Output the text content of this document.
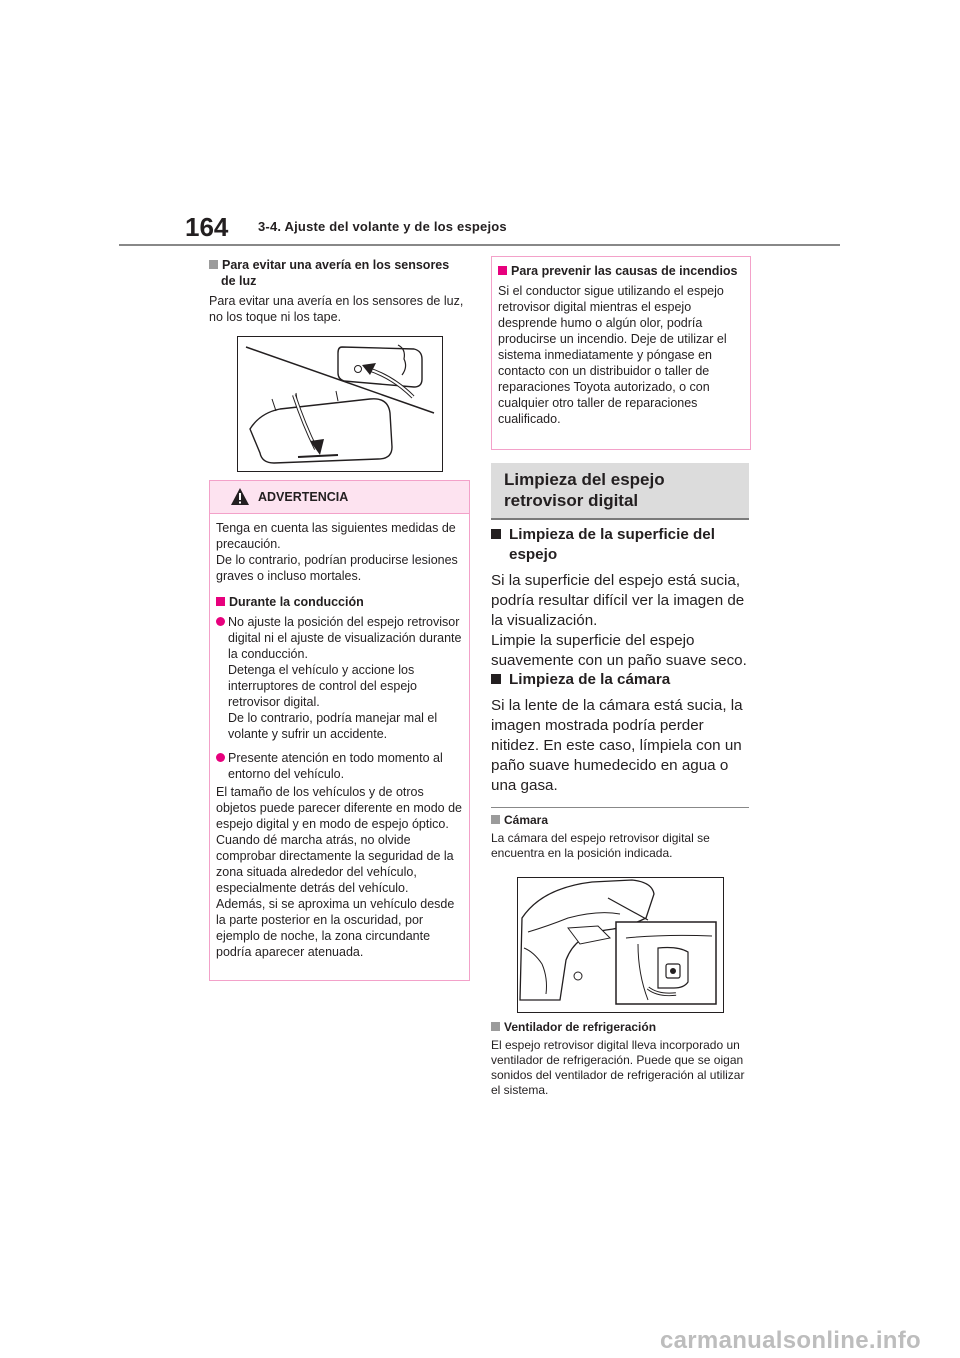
164 3-4. Ajuste del volante y de los espejos
Para evitar una avería en los sensores de luz
Para evitar una avería en los sensores de luz, no los toque ni los tape.
ADVERTENCIA
Tenga en cuenta las siguientes medidas de precaución.
De lo contrario, podrían producirse lesiones graves o incluso mortales.
Durante la conducción
No ajuste la posición del espejo retrovisor digital ni el ajuste de visualización durante la conducción.
Detenga el vehículo y accione los interruptores de control del espejo retrovisor digital.
De lo contrario, podría manejar mal el volante y sufrir un accidente.
Presente atención en todo momento al entorno del vehículo.
El tamaño de los vehículos y de otros objetos puede parecer diferente en modo de espejo digital y en modo de espejo óptico.
Cuando dé marcha atrás, no olvide comprobar directamente la seguridad de la zona situada alrededor del vehículo, especialmente detrás del vehículo.
Además, si se aproxima un vehículo desde la parte posterior en la oscuridad, por ejemplo de noche, la zona circundante podría aparecer atenuada.
Para prevenir las causas de incendios
Si el conductor sigue utilizando el espejo retrovisor digital mientras el espejo desprende humo o algún olor, podría producirse un incendio. Deje de utilizar el sistema inmediatamente y póngase en contacto con un distribuidor o taller de reparaciones Toyota autorizado, o con cualquier otro taller de reparaciones cualificado.
Limpieza del espejo retrovisor digital
Limpieza de la superficie del espejo
Si la superficie del espejo está sucia, podría resultar difícil ver la imagen de la visualización.
Limpie la superficie del espejo suavemente con un paño suave seco.
Limpieza de la cámara
Si la lente de la cámara está sucia, la imagen mostrada podría perder nitidez. En este caso, límpiela con un paño suave humedecido en agua o una gasa.
Cámara
La cámara del espejo retrovisor digital se encuentra en la posición indicada.
Ventilador de refrigeración
El espejo retrovisor digital lleva incorporado un ventilador de refrigeración. Puede que se oigan sonidos del ventilador de refrigeración al utilizar el sistema.
carmanualsonline.info
